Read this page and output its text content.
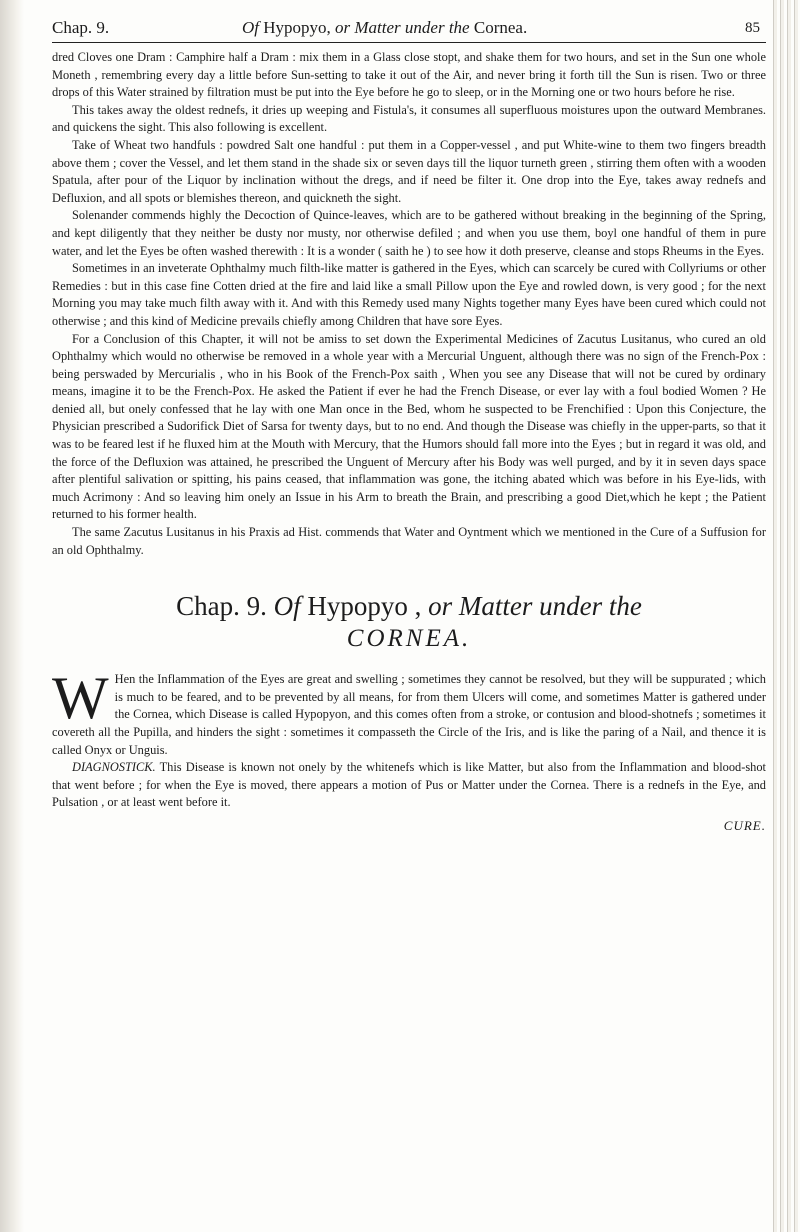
Chap. 9.	Of Hypopyo, or Matter under the Cornea.	85

dred Cloves one Dram : Camphire half a Dram : mix them in a Glass close stopt, and shake them for two hours, and set in the Sun one whole Moneth , remembring every day a little before Sun-setting to take it out of the Air, and never bring it forth till the Sun is risen. Two or three drops of this Water strained by filtration must be put into the Eye before he go to sleep, or in the Morning one or two hours before he rise.

This takes away the oldest rednefs, it dries up weeping and Fistula's, it consumes all superfluous moistures upon the outward Membranes. and quickens the sight. This also following is excellent.

Take of Wheat two handfuls : powdred Salt one handful : put them in a Copper-vessel , and put White-wine to them two fingers breadth above them ; cover the Vessel, and let them stand in the shade six or seven days till the liquor turneth green , stirring them often with a wooden Spatula, after pour of the Liquor by inclination without the dregs, and if need be filter it. One drop into the Eye, takes away rednefs and Defluxion, and all spots or blemishes thereon, and quickneth the sight.

Solenander commends highly the Decoction of Quince-leaves, which are to be gathered without breaking in the beginning of the Spring, and kept diligently that they neither be dusty nor musty, nor otherwise defiled ; and when you use them, boyl one handful of them in pure water, and let the Eyes be often washed therewith : It is a wonder ( saith he ) to see how it doth preserve, cleanse and stops Rheums in the Eyes.

Sometimes in an inveterate Ophthalmy much filth-like matter is gathered in the Eyes, which can scarcely be cured with Collyriums or other Remedies : but in this case fine Cotten dried at the fire and laid like a small Pillow upon the Eye and rowled down, is very good ; for the next Morning you may take much filth away with it. And with this Remedy used many Nights together many Eyes have been cured which could not otherwise ; and this kind of Medicine prevails chiefly among Children that have sore Eyes.

For a Conclusion of this Chapter, it will not be amiss to set down the Experimental Medicines of Zacutus Lusitanus, who cured an old Ophthalmy which would no otherwise be removed in a whole year with a Mercurial Unguent, although there was no sign of the French-Pox : being perswaded by Mercurialis , who in his Book of the French-Pox saith , When you see any Disease that will not be cured by ordinary means, imagine it to be the French-Pox. He asked the Patient if ever he had the French Disease, or ever lay with a foul bodied Women ? He denied all, but onely confessed that he lay with one Man once in the Bed, whom he suspected to be Frenchified : Upon this Conjecture, the Physician prescribed a Sudorifick Diet of Sarsa for twenty days, but to no end. And though the Disease was chiefly in the upper-parts, so that it was to be feared lest if he fluxed him at the Mouth with Mercury, that the Humors should fall more into the Eyes ; but in regard it was old, and the force of the Defluxion was attained, he prescribed the Unguent of Mercury after his Body was well purged, and by it in seven days space after plentiful salivation or spitting, his pains ceased, that inflammation was gone, the itching abated which was before in his Eye-lids, with much Acrimony : And so leaving him onely an Issue in his Arm to breath the Brain, and prescribing a good Diet,which he kept ; the Patient returned to his former health.

The same Zacutus Lusitanus in his Praxis ad Hist. commends that Water and Oyntment which we mentioned in the Cure of a Suffusion for an old Ophthalmy.

Chap. 9. Of Hypopyo , or Matter under the
CORNEA.
W Hen the Inflammation of the Eyes are great and swelling ; sometimes they cannot be resolved, but they will be suppurated ; which is much to be feared, and to be prevented by all means, for from them Ulcers will come, and sometimes Matter is gathered under the Cornea, which Disease is called Hypopyon, and this comes often from a stroke, or contusion and blood-shotnefs ; sometimes it covereth all the Pupilla, and hinders the sight : sometimes it compasseth the Circle of the Iris, and is like the paring of a Nail, and thence it is called Onyx or Unguis.

DIAGNOSTICK. This Disease is known not onely by the whitenefs which is like Matter, but also from the Inflammation and blood-shot that went before ; for when the Eye is moved, there appears a motion of Pus or Matter under the Cornea. There is a rednefs in the Eye, and Pulsation , or at least went before it.

CURE.
